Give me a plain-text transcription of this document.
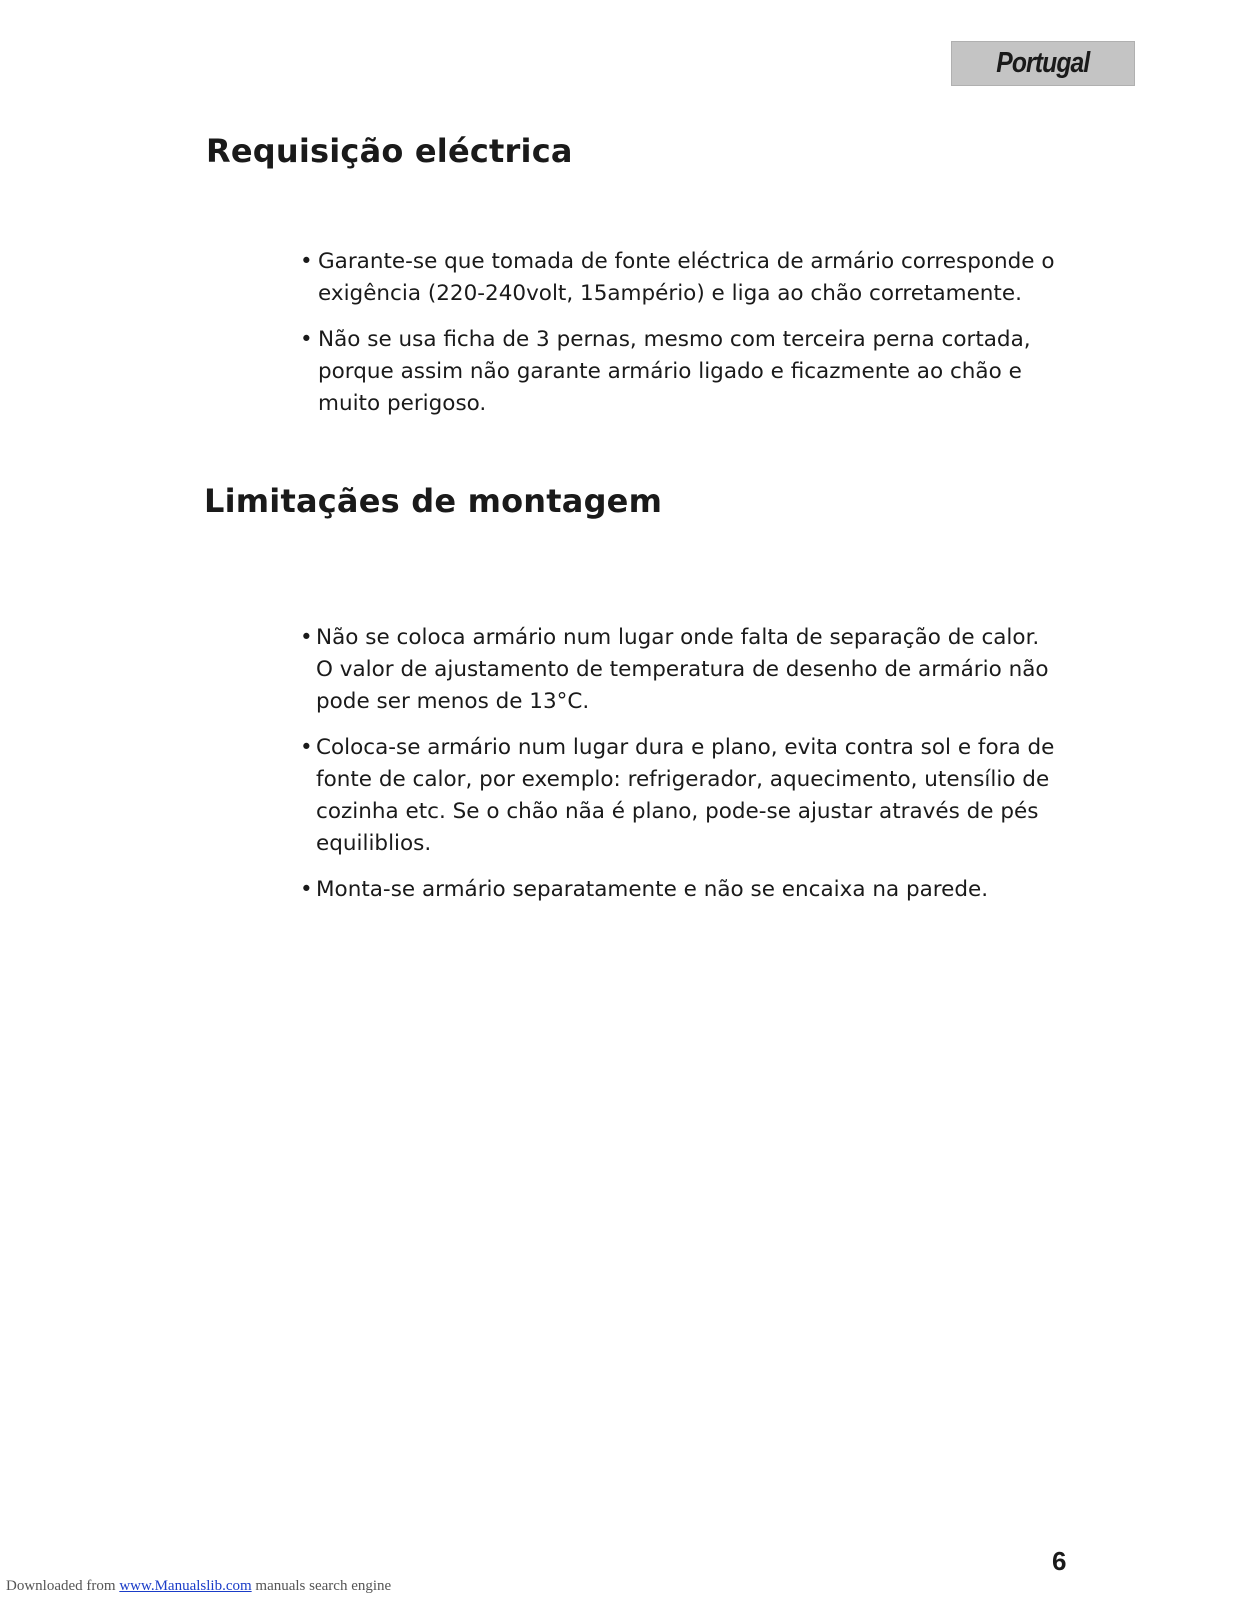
Portugal
Requisição eléctrica
• Garante-se que tomada de fonte eléctrica de armário corresponde o exigência (220-240volt, 15ampério) e liga ao chão corretamente.
• Não se usa ficha de 3 pernas, mesmo com terceira perna cortada, porque assim não garante armário ligado e ficazmente ao chão e muito perigoso.
Limitaçães de montagem
• Não se coloca armário num lugar onde falta de separação de calor. O valor de ajustamento de temperatura de desenho de armário não pode ser menos de 13°C.
• Coloca-se armário num lugar dura e plano, evita contra sol e fora de fonte de calor, por exemplo: refrigerador, aquecimento, utensílio de cozinha etc. Se o chão nãa é plano, pode-se ajustar através de pés equiliblios.
• Monta-se armário separatamente e não se encaixa na parede.
6
Downloaded from www.Manualslib.com manuals search engine
